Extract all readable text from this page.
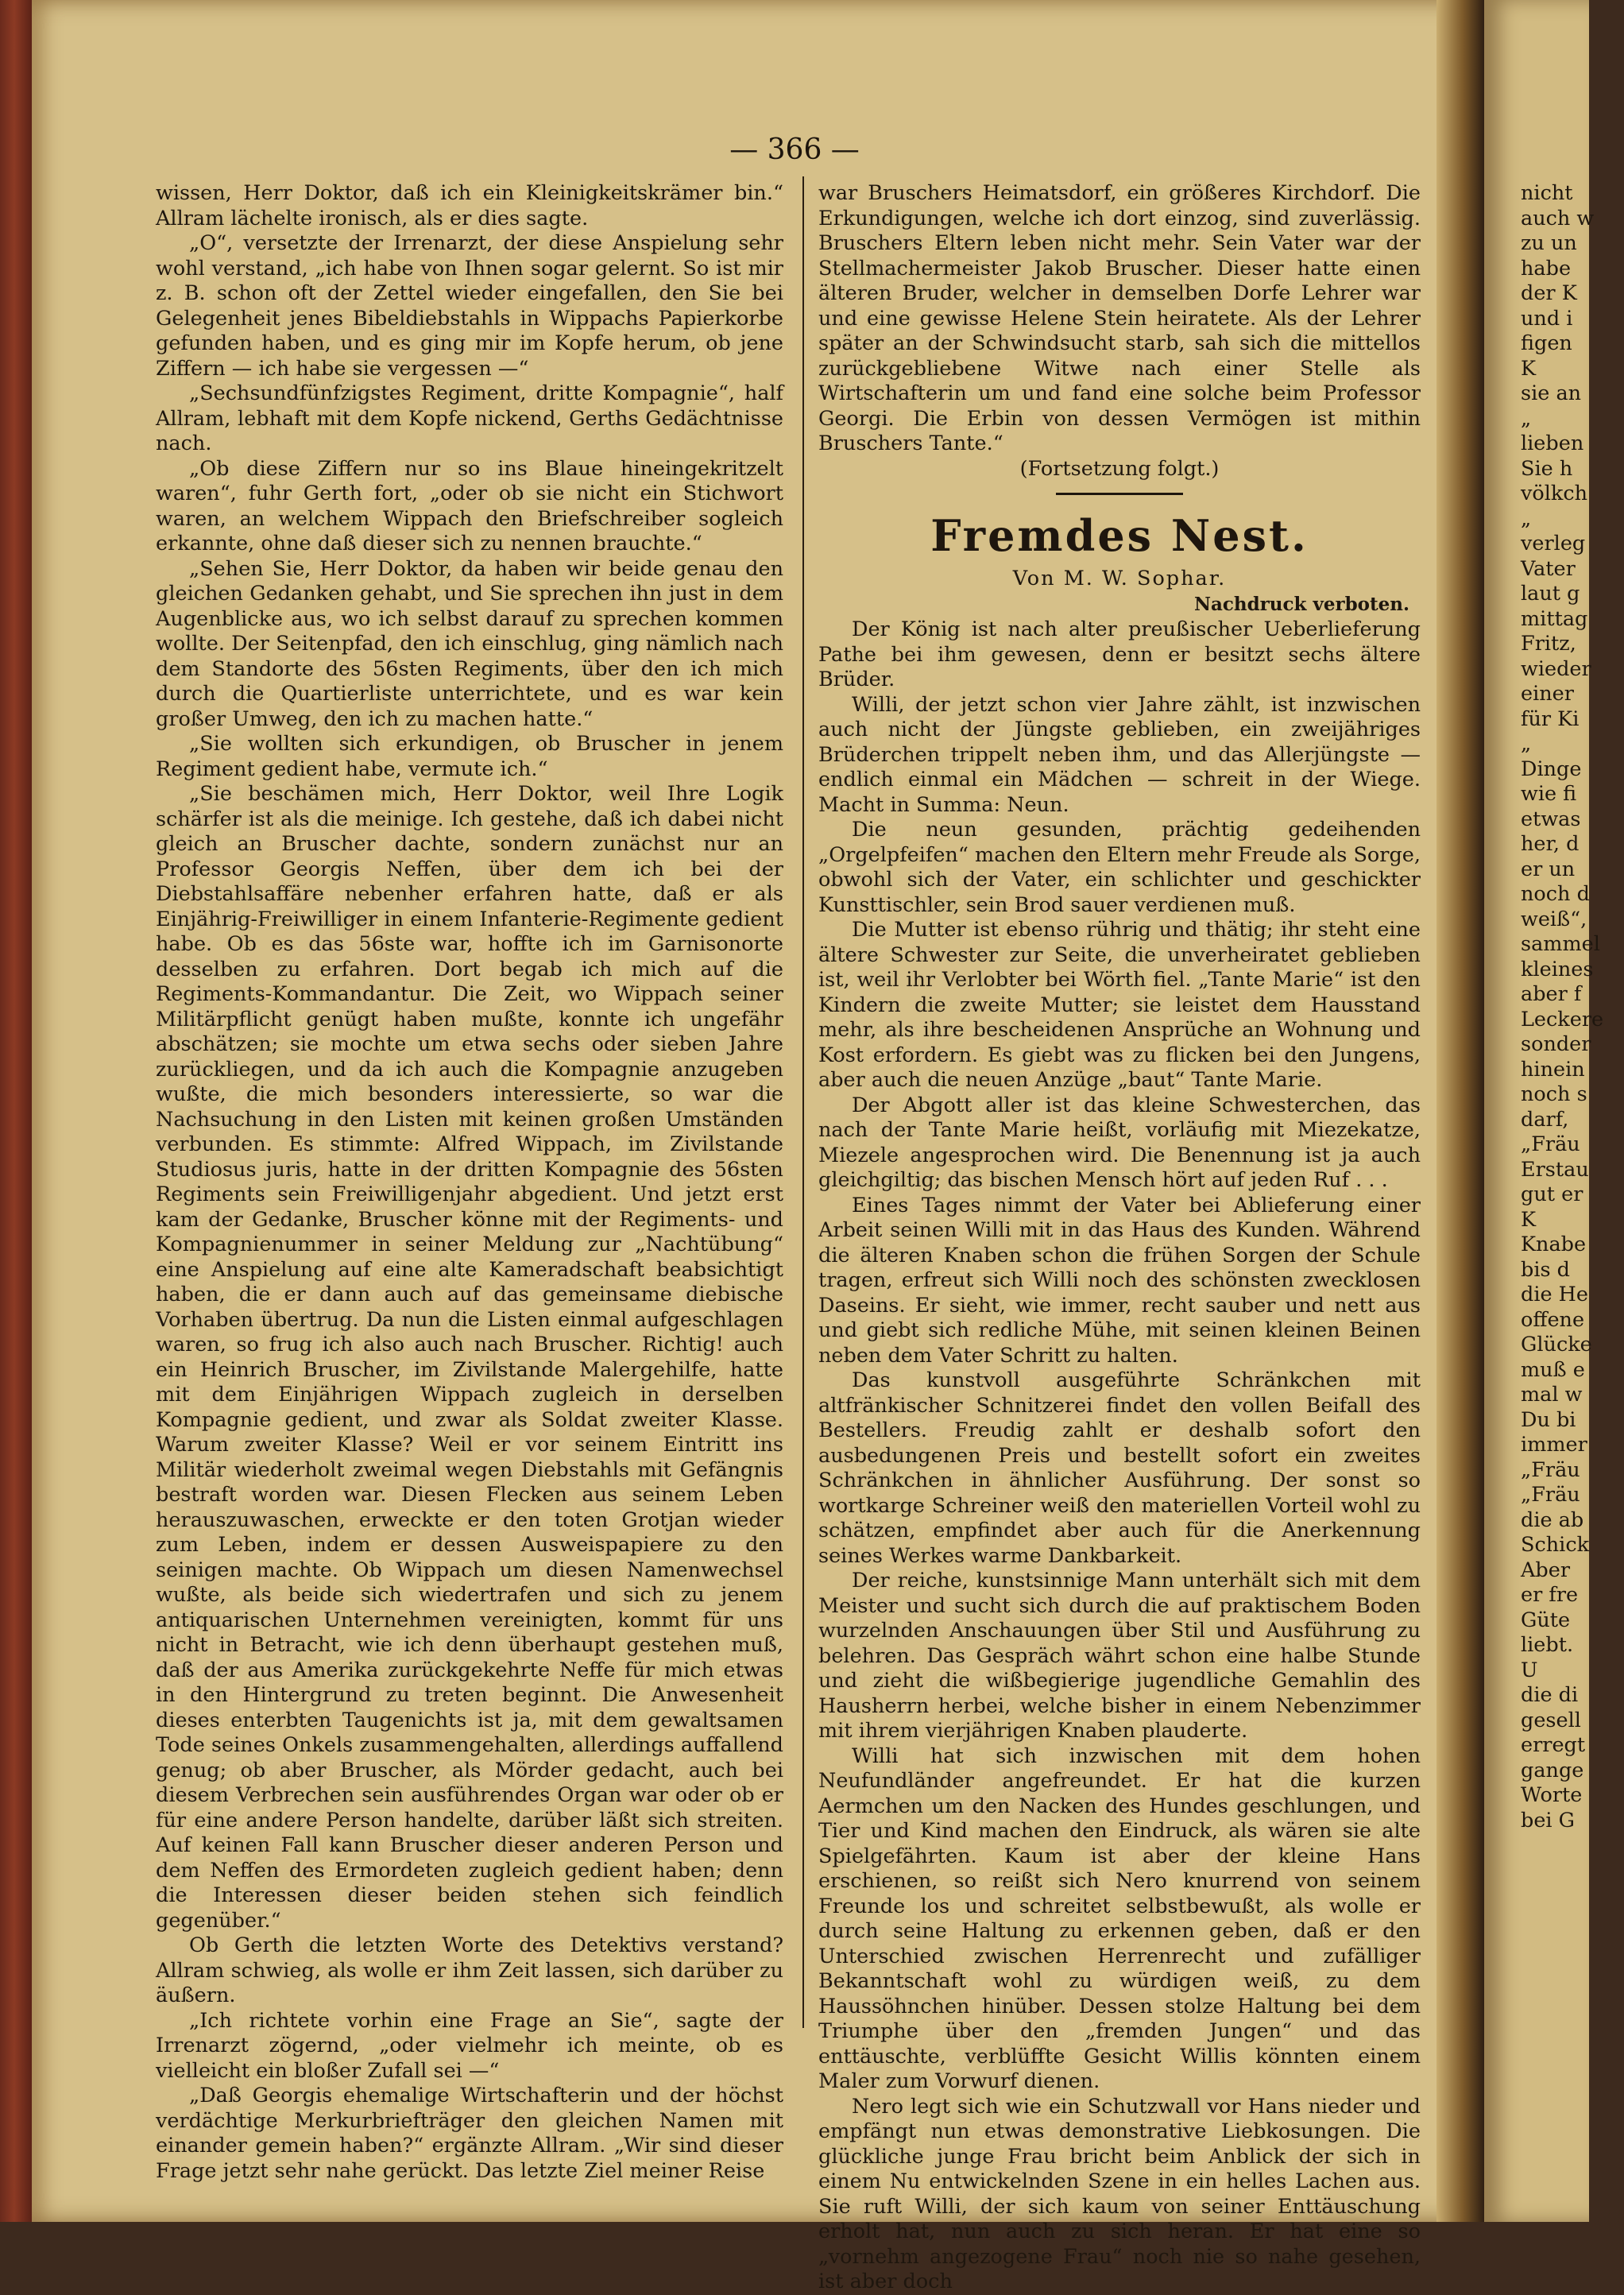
— 366 —

wissen, Herr Doktor, daß ich ein Kleinigkeitskrämer bin.“ Allram lächelte ironisch, als er dies sagte.

„O“, versetzte der Irrenarzt, der diese Anspielung sehr wohl verstand, „ich habe von Ihnen sogar gelernt. So ist mir z. B. schon oft der Zettel wieder eingefallen, den Sie bei Gelegenheit jenes Bibeldiebstahls in Wippachs Papierkorbe gefunden haben, und es ging mir im Kopfe herum, ob jene Ziffern — ich habe sie vergessen —“

„Sechsundfünfzigstes Regiment, dritte Kompagnie“, half Allram, lebhaft mit dem Kopfe nickend, Gerths Gedächtnisse nach.

„Ob diese Ziffern nur so ins Blaue hineingekritzelt waren“, fuhr Gerth fort, „oder ob sie nicht ein Stichwort waren, an welchem Wippach den Briefschreiber sogleich erkannte, ohne daß dieser sich zu nennen brauchte.“

„Sehen Sie, Herr Doktor, da haben wir beide genau den gleichen Gedanken gehabt, und Sie sprechen ihn just in dem Augenblicke aus, wo ich selbst darauf zu sprechen kommen wollte. Der Seitenpfad, den ich einschlug, ging nämlich nach dem Standorte des 56sten Regiments, über den ich mich durch die Quartierliste unterrichtete, und es war kein großer Umweg, den ich zu machen hatte.“

„Sie wollten sich erkundigen, ob Bruscher in jenem Regiment gedient habe, vermute ich.“

„Sie beschämen mich, Herr Doktor, weil Ihre Logik schärfer ist als die meinige. Ich gestehe, daß ich dabei nicht gleich an Bruscher dachte, sondern zunächst nur an Professor Georgis Neffen, über dem ich bei der Diebstahlsaffäre nebenher erfahren hatte, daß er als Einjährig-Freiwilliger in einem Infanterie-Regimente gedient habe. Ob es das 56ste war, hoffte ich im Garnisonorte desselben zu erfahren. Dort begab ich mich auf die Regiments-Kommandantur. Die Zeit, wo Wippach seiner Militärpflicht genügt haben mußte, konnte ich ungefähr abschätzen; sie mochte um etwa sechs oder sieben Jahre zurückliegen, und da ich auch die Kompagnie anzugeben wußte, die mich besonders interessierte, so war die Nachsuchung in den Listen mit keinen großen Umständen verbunden. Es stimmte: Alfred Wippach, im Zivilstande Studiosus juris, hatte in der dritten Kompagnie des 56sten Regiments sein Freiwilligenjahr abgedient. Und jetzt erst kam der Gedanke, Bruscher könne mit der Regiments- und Kompagnienummer in seiner Meldung zur „Nachtübung“ eine Anspielung auf eine alte Kameradschaft beabsichtigt haben, die er dann auch auf das gemeinsame diebische Vorhaben übertrug. Da nun die Listen einmal aufgeschlagen waren, so frug ich also auch nach Bruscher. Richtig! auch ein Heinrich Bruscher, im Zivilstande Malergehilfe, hatte mit dem Einjährigen Wippach zugleich in derselben Kompagnie gedient, und zwar als Soldat zweiter Klasse. Warum zweiter Klasse? Weil er vor seinem Eintritt ins Militär wiederholt zweimal wegen Diebstahls mit Gefängnis bestraft worden war. Diesen Flecken aus seinem Leben herauszuwaschen, erweckte er den toten Grotjan wieder zum Leben, indem er dessen Ausweispapiere zu den seinigen machte. Ob Wippach um diesen Namenwechsel wußte, als beide sich wiedertrafen und sich zu jenem antiquarischen Unternehmen vereinigten, kommt für uns nicht in Betracht, wie ich denn überhaupt gestehen muß, daß der aus Amerika zurückgekehrte Neffe für mich etwas in den Hintergrund zu treten beginnt. Die Anwesenheit dieses enterbten Taugenichts ist ja, mit dem gewaltsamen Tode seines Onkels zusammengehalten, allerdings auffallend genug; ob aber Bruscher, als Mörder gedacht, auch bei diesem Verbrechen sein ausführendes Organ war oder ob er für eine andere Person handelte, darüber läßt sich streiten. Auf keinen Fall kann Bruscher dieser anderen Person und dem Neffen des Ermordeten zugleich gedient haben; denn die Interessen dieser beiden stehen sich feindlich gegenüber.“

Ob Gerth die letzten Worte des Detektivs verstand? Allram schwieg, als wolle er ihm Zeit lassen, sich darüber zu äußern.

„Ich richtete vorhin eine Frage an Sie“, sagte der Irrenarzt zögernd, „oder vielmehr ich meinte, ob es vielleicht ein bloßer Zufall sei —“

„Daß Georgis ehemalige Wirtschafterin und der höchst verdächtige Merkurbriefträger den gleichen Namen mit einander gemein haben?“ ergänzte Allram. „Wir sind dieser Frage jetzt sehr nahe gerückt. Das letzte Ziel meiner Reise

war Bruschers Heimatsdorf, ein größeres Kirchdorf. Die Erkundigungen, welche ich dort einzog, sind zuverlässig. Bruschers Eltern leben nicht mehr. Sein Vater war der Stellmachermeister Jakob Bruscher. Dieser hatte einen älteren Bruder, welcher in demselben Dorfe Lehrer war und eine gewisse Helene Stein heiratete. Als der Lehrer später an der Schwindsucht starb, sah sich die mittellos zurückgebliebene Witwe nach einer Stelle als Wirtschafterin um und fand eine solche beim Professor Georgi. Die Erbin von dessen Vermögen ist mithin Bruschers Tante.“

(Fortsetzung folgt.)

Fremdes Nest.
Von M. W. Sophar.
Nachdruck verboten.

Der König ist nach alter preußischer Ueberlieferung Pathe bei ihm gewesen, denn er besitzt sechs ältere Brüder.

Willi, der jetzt schon vier Jahre zählt, ist inzwischen auch nicht der Jüngste geblieben, ein zweijähriges Brüderchen trippelt neben ihm, und das Allerjüngste — endlich einmal ein Mädchen — schreit in der Wiege. Macht in Summa: Neun.

Die neun gesunden, prächtig gedeihenden „Orgelpfeifen“ machen den Eltern mehr Freude als Sorge, obwohl sich der Vater, ein schlichter und geschickter Kunsttischler, sein Brod sauer verdienen muß.

Die Mutter ist ebenso rührig und thätig; ihr steht eine ältere Schwester zur Seite, die unverheiratet geblieben ist, weil ihr Verlobter bei Wörth fiel. „Tante Marie“ ist den Kindern die zweite Mutter; sie leistet dem Hausstand mehr, als ihre bescheidenen Ansprüche an Wohnung und Kost erfordern. Es giebt was zu flicken bei den Jungens, aber auch die neuen Anzüge „baut“ Tante Marie.

Der Abgott aller ist das kleine Schwesterchen, das nach der Tante Marie heißt, vorläufig mit Miezekatze, Miezele angesprochen wird. Die Benennung ist ja auch gleichgiltig; das bischen Mensch hört auf jeden Ruf . . .

Eines Tages nimmt der Vater bei Ablieferung einer Arbeit seinen Willi mit in das Haus des Kunden. Während die älteren Knaben schon die frühen Sorgen der Schule tragen, erfreut sich Willi noch des schönsten zwecklosen Daseins. Er sieht, wie immer, recht sauber und nett aus und giebt sich redliche Mühe, mit seinen kleinen Beinen neben dem Vater Schritt zu halten.

Das kunstvoll ausgeführte Schränkchen mit altfränkischer Schnitzerei findet den vollen Beifall des Bestellers. Freudig zahlt er deshalb sofort den ausbedungenen Preis und bestellt sofort ein zweites Schränkchen in ähnlicher Ausführung. Der sonst so wortkarge Schreiner weiß den materiellen Vorteil wohl zu schätzen, empfindet aber auch für die Anerkennung seines Werkes warme Dankbarkeit.

Der reiche, kunstsinnige Mann unterhält sich mit dem Meister und sucht sich durch die auf praktischem Boden wurzelnden Anschauungen über Stil und Ausführung zu belehren. Das Gespräch währt schon eine halbe Stunde und zieht die wißbegierige jugendliche Gemahlin des Hausherrn herbei, welche bisher in einem Nebenzimmer mit ihrem vierjährigen Knaben plauderte.

Willi hat sich inzwischen mit dem hohen Neufundländer angefreundet. Er hat die kurzen Aermchen um den Nacken des Hundes geschlungen, und Tier und Kind machen den Eindruck, als wären sie alte Spielgefährten. Kaum ist aber der kleine Hans erschienen, so reißt sich Nero knurrend von seinem Freunde los und schreitet selbstbewußt, als wolle er durch seine Haltung zu erkennen geben, daß er den Unterschied zwischen Herrenrecht und zufälliger Bekanntschaft wohl zu würdigen weiß, zu dem Haussöhnchen hinüber. Dessen stolze Haltung bei dem Triumphe über den „fremden Jungen“ und das enttäuschte, verblüffte Gesicht Willis könnten einem Maler zum Vorwurf dienen.

Nero legt sich wie ein Schutzwall vor Hans nieder und empfängt nun etwas demonstrative Liebkosungen. Die glückliche junge Frau bricht beim Anblick der sich in einem Nu entwickelnden Szene in ein helles Lachen aus. Sie ruft Willi, der sich kaum von seiner Enttäuschung erholt hat, nun auch zu sich heran. Er hat eine so „vornehm angezogene Frau“ noch nie so nahe gesehen, ist aber doch

nicht
auch w
zu un
habe
der K
und i
figen
K
sie an
„
lieben
Sie h
völkch
„
verleg
Vater
laut g
mittag
Fritz,
wieder
einer
für Ki
„
Dinge
wie fi
etwas
her, d
er un
noch d
weiß“,
sammel
kleines
aber f
Leckere
sonder
hinein
noch s
darf,
„Fräu
Erstau
gut er
K
Knabe
bis d
die He
offene
Glücke
muß e
mal w
Du bi
immer
„Fräu
„Fräu
die ab
Schick
Aber
er fre
Güte
liebt.
U
die di
gesell
erregt
gange
Worte
bei G
